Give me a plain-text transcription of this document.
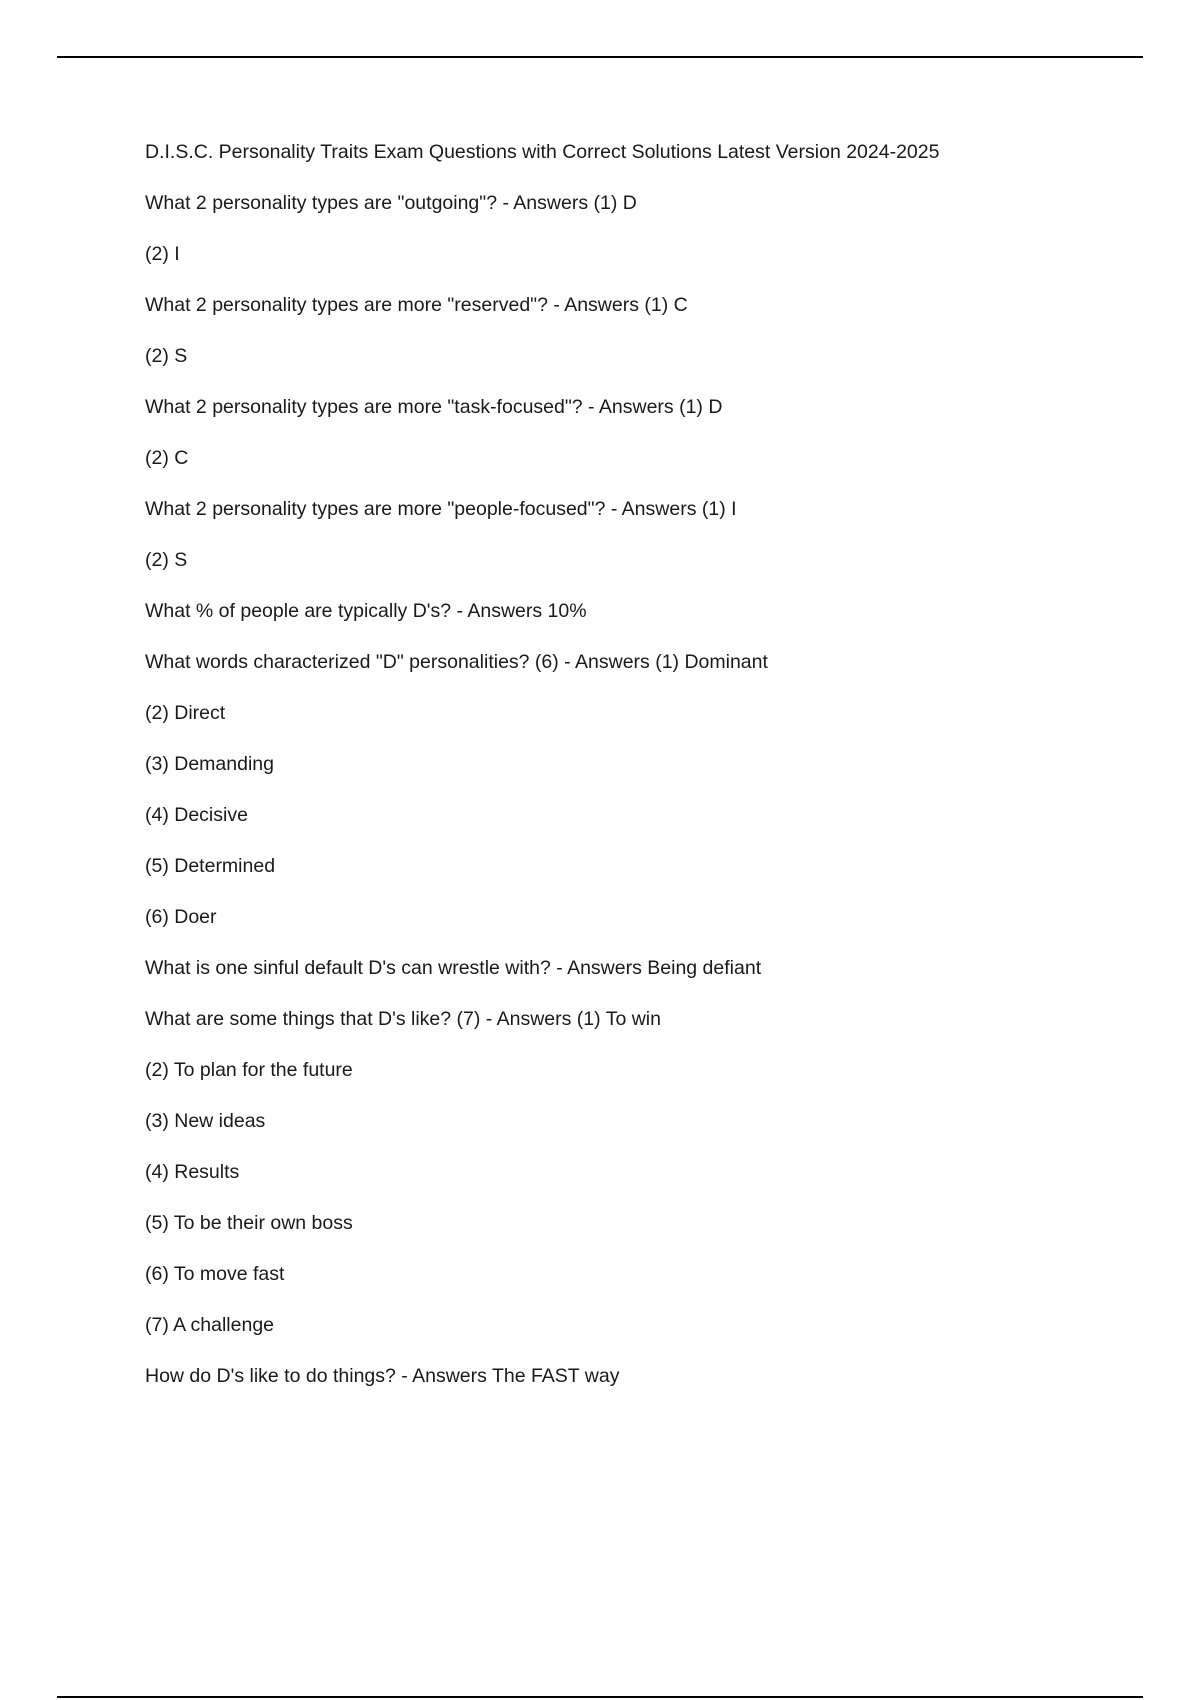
D.I.S.C. Personality Traits Exam Questions with Correct Solutions Latest Version 2024-2025
What 2 personality types are "outgoing"? - Answers (1) D
(2) I
What 2 personality types are more "reserved"? - Answers (1) C
(2) S
What 2 personality types are more "task-focused"? - Answers (1) D
(2) C
What 2 personality types are more "people-focused"? - Answers (1) I
(2) S
What % of people are typically D's? - Answers 10%
What words characterized "D" personalities? (6) - Answers (1) Dominant
(2) Direct
(3) Demanding
(4) Decisive
(5) Determined
(6) Doer
What is one sinful default D's can wrestle with? - Answers Being defiant
What are some things that D's like? (7) - Answers (1) To win
(2) To plan for the future
(3) New ideas
(4) Results
(5) To be their own boss
(6) To move fast
(7) A challenge
How do D's like to do things? - Answers The FAST way
